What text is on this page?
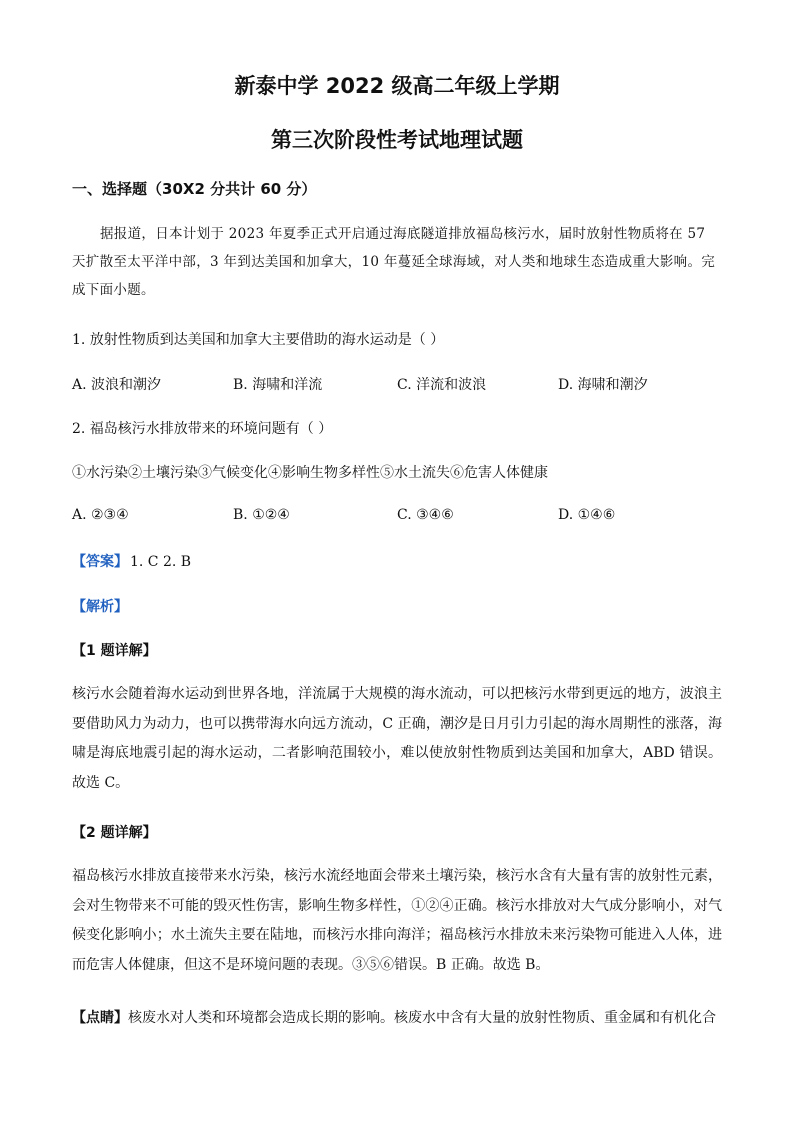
新泰中学 2022 级高二年级上学期
第三次阶段性考试地理试题
一、选择题（30X2 分共计 60 分）
据报道，日本计划于 2023 年夏季正式开启通过海底隧道排放福岛核污水，届时放射性物质将在 57 天扩散至太平洋中部，3 年到达美国和加拿大，10 年蔓延全球海域，对人类和地球生态造成重大影响。完成下面小题。
1. 放射性物质到达美国和加拿大主要借助的海水运动是（ ）
A. 波浪和潮汐	B. 海啸和洋流	C. 洋流和波浪	D. 海啸和潮汐
2. 福岛核污水排放带来的环境问题有（ ）
①水污染②土壤污染③气候变化④影响生物多样性⑤水土流失⑥危害人体健康
A. ②③④	B. ①②④	C. ③④⑥	D. ①④⑥
【答案】 1. C 2. B
【解析】
【1 题详解】
核污水会随着海水运动到世界各地，洋流属于大规模的海水流动，可以把核污水带到更远的地方，波浪主要借助风力为动力，也可以携带海水向远方流动，C 正确，潮汐是日月引力引起的海水周期性的涨落，海啸是海底地震引起的海水运动，二者影响范围较小，难以使放射性物质到达美国和加拿大，ABD 错误。故选 C。
【2 题详解】
福岛核污水排放直接带来水污染，核污水流经地面会带来土壤污染，核污水含有大量有害的放射性元素，会对生物带来不可能的毁灭性伤害，影响生物多样性，①②④正确。核污水排放对大气成分影响小，对气候变化影响小；水土流失主要在陆地，而核污水排向海洋；福岛核污水排放未来污染物可能进入人体，进而危害人体健康，但这不是环境问题的表现。③⑤⑥错误。B 正确。故选 B。
【点睛】核废水对人类和环境都会造成长期的影响。核废水中含有大量的放射性物质、重金属和有机化合
